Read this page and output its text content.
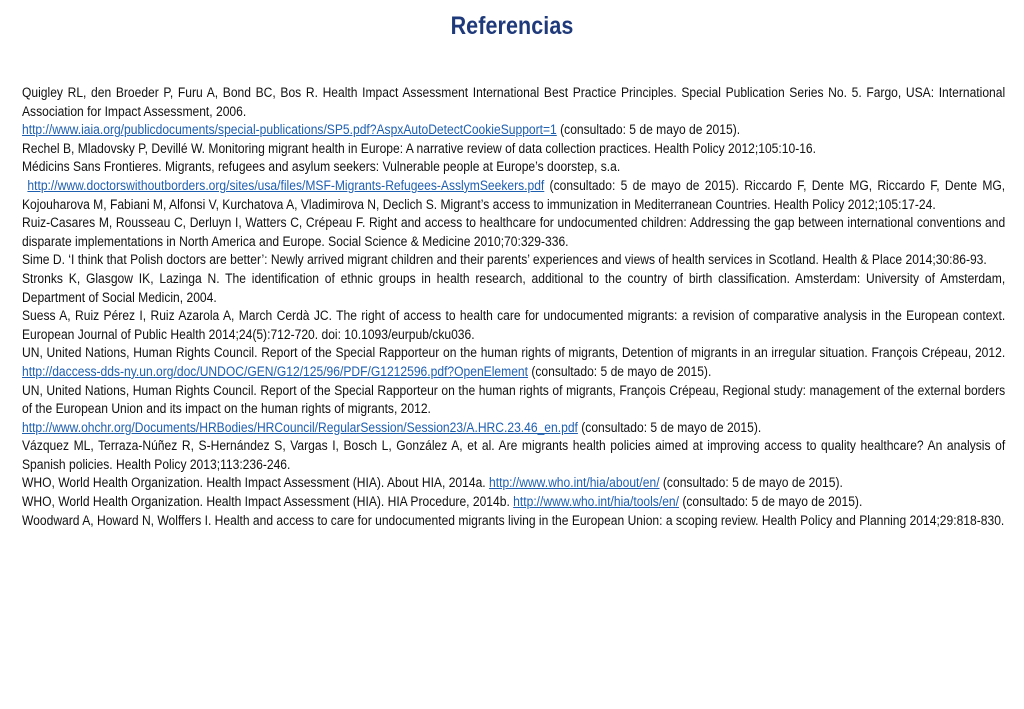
Referencias

Quigley RL, den Broeder P, Furu A, Bond BC, Bos R. Health Impact Assessment International Best Practice Principles. Special Publication Series No. 5. Fargo, USA: International Association for Impact Assessment, 2006.
http://www.iaia.org/publicdocuments/special-publications/SP5.pdf?AspxAutoDetectCookieSupport=1 (consultado: 5 de mayo de 2015).

Rechel B, Mladovsky P, Devillé W. Monitoring migrant health in Europe: A narrative review of data collection practices. Health Policy 2012;105:10-16.

Médicins Sans Frontieres. Migrants, refugees and asylum seekers: Vulnerable people at Europe’s doorstep, s.a.

http://www.doctorswithoutborders.org/sites/usa/files/MSF-Migrants-Refugees-AsslymSeekers.pdf (consultado: 5 de mayo de 2015). Riccardo F, Dente MG, Riccardo F, Dente MG, Kojouharova M, Fabiani M, Alfonsi V, Kurchatova A, Vladimirova N, Declich S. Migrant’s access to immunization in Mediterranean Countries. Health Policy 2012;105:17-24.

Ruiz-Casares M, Rousseau C, Derluyn I, Watters C, Crépeau F. Right and access to healthcare for undocumented children: Addressing the gap between international conventions and disparate implementations in North America and Europe. Social Science & Medicine 2010;70:329-336.

Sime D. ‘I think that Polish doctors are better’: Newly arrived migrant children and their parents’ experiences and views of health services in Scotland. Health & Place 2014;30:86-93.

Stronks K, Glasgow IK, Lazinga N. The identification of ethnic groups in health research, additional to the country of birth classification. Amsterdam: University of Amsterdam, Department of Social Medicin, 2004.

Suess A, Ruiz Pérez I, Ruiz Azarola A, March Cerdà JC. The right of access to health care for undocumented migrants: a revision of comparative analysis in the European context. European Journal of Public Health 2014;24(5):712-720. doi: 10.1093/eurpub/cku036.

UN, United Nations, Human Rights Council. Report of the Special Rapporteur on the human rights of migrants, Detention of migrants in an irregular situation. François Crépeau, 2012. http://daccess-dds-ny.un.org/doc/UNDOC/GEN/G12/125/96/PDF/G1212596.pdf?OpenElement (consultado: 5 de mayo de 2015).

UN, United Nations, Human Rights Council. Report of the Special Rapporteur on the human rights of migrants, François Crépeau, Regional study: management of the external borders of the European Union and its impact on the human rights of migrants, 2012.
http://www.ohchr.org/Documents/HRBodies/HRCouncil/RegularSession/Session23/A.HRC.23.46_en.pdf (consultado: 5 de mayo de 2015).

Vázquez ML, Terraza-Núñez R, S-Hernández S, Vargas I, Bosch L, González A, et al. Are migrants health policies aimed at improving access to quality healthcare? An analysis of Spanish policies. Health Policy 2013;113:236-246.

WHO, World Health Organization. Health Impact Assessment (HIA). About HIA, 2014a. http://www.who.int/hia/about/en/ (consultado: 5 de mayo de 2015).

WHO, World Health Organization. Health Impact Assessment (HIA). HIA Procedure, 2014b. http://www.who.int/hia/tools/en/ (consultado: 5 de mayo de 2015).

Woodward A, Howard N, Wolffers I. Health and access to care for undocumented migrants living in the European Union: a scoping review. Health Policy and Planning 2014;29:818-830.
